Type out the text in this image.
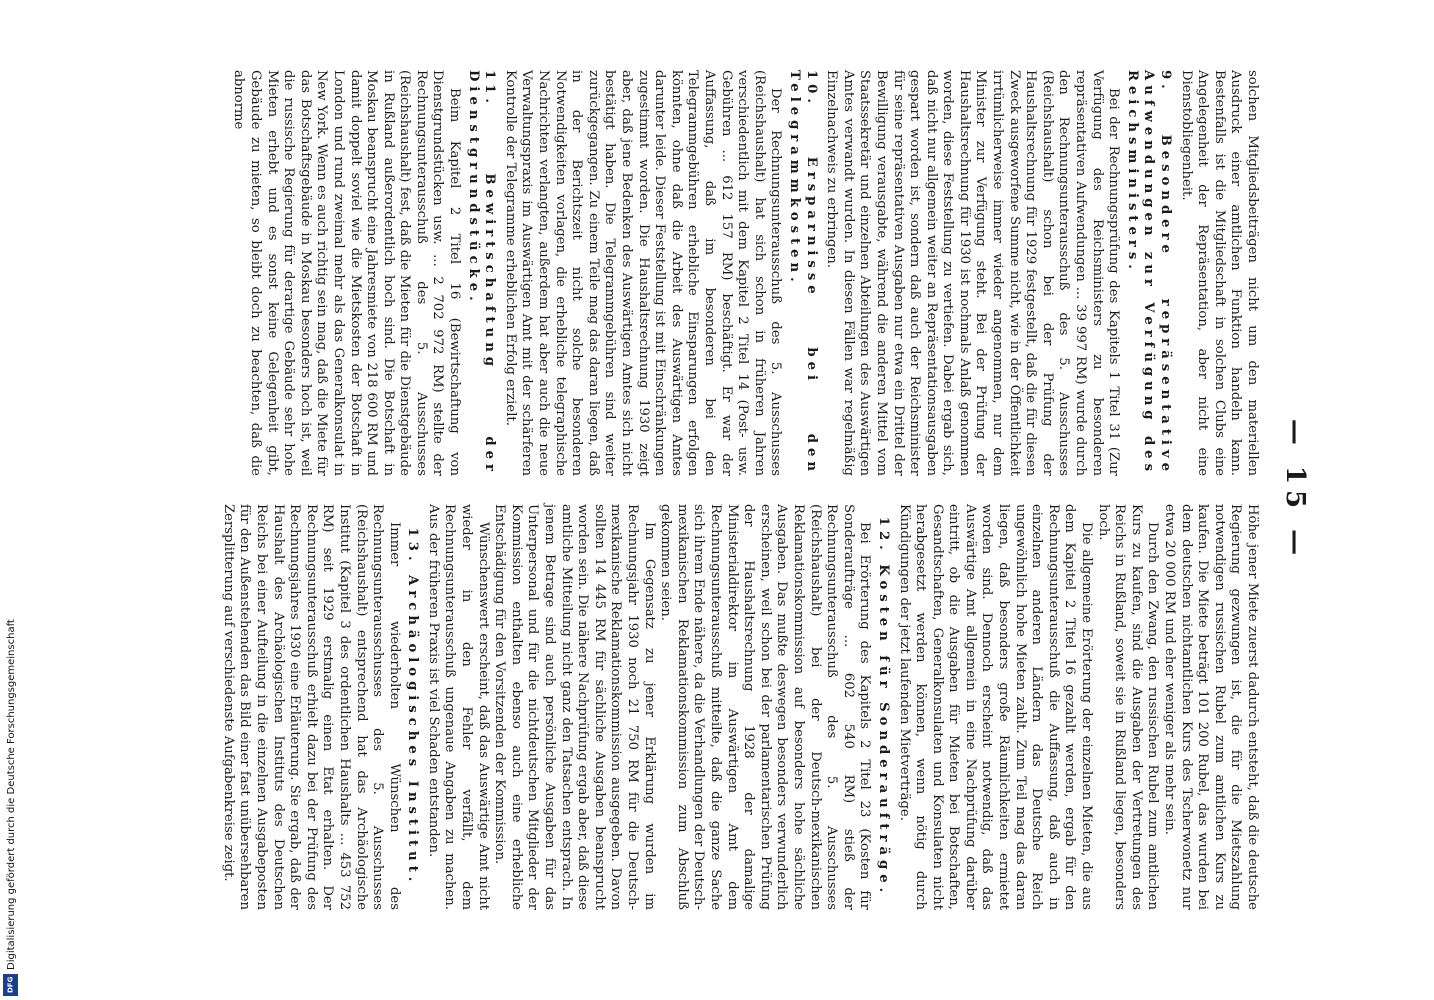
— 15 —

solchen Mitgliedsbeiträgen nicht um den materiellen Ausdruck einer amtlichen Funktion handeln kann. Bestenfalls ist die Mitgliedschaft in solchen Clubs eine Angelegenheit der Repräsentation, aber nicht eine Dienstobliegenheit.

9. Besondere repräsentative Aufwendungen zur Verfügung des Reichsministers.

Bei der Rechnungsprüfung des Kapitels 1 Titel 31 (Zur Verfügung des Reichsministers zu besonderen repräsentativen Aufwendungen ... 39 997 RM) wurde durch den Rechnungsunterausschuß des 5. Ausschusses (Reichshaushalt) schon bei der Prüfung der Haushaltsrechnung für 1929 festgestellt, daß die für diesen Zweck ausgeworfene Summe nicht, wie in der Öffentlichkeit irrtümlicherweise immer wieder angenommen, nur dem Minister zur Verfügung steht. Bei der Prüfung der Haushaltsrechnung für 1930 ist nochmals Anlaß genommen worden, diese Feststellung zu vertiefen. Dabei ergab sich, daß nicht nur allgemein weiter an Repräsentationsausgaben gespart worden ist, sondern daß auch der Reichsminister für seine repräsentativen Ausgaben nur etwa ein Drittel der Bewilligung verausgabte, während die anderen Mittel vom Staatssekretär und einzelnen Abteilungen des Auswärtigen Amtes verwandt wurden. In diesen Fällen war regelmäßig Einzelnachweis zu erbringen.

10. Ersparnisse bei den Telegrammkosten.

Der Rechnungsunterausschuß des 5. Ausschusses (Reichshaushalt) hat sich schon in früheren Jahren verschiedentlich mit dem Kapitel 2 Titel 14 (Post- usw. Gebühren ... 612 157 RM) beschäftigt. Er war der Auffassung, daß im besonderen bei den Telegrammgebühren erhebliche Einsparungen erfolgen könnten, ohne daß die Arbeit des Auswärtigen Amtes darunter leide. Dieser Feststellung ist mit Einschränkungen zugestimmt worden. Die Haushaltsrechnung 1930 zeigt aber, daß jene Bedenken des Auswärtigen Amtes sich nicht bestätigt haben. Die Telegrammgebühren sind weiter zurückgegangen. Zu einem Teile mag das daran liegen, daß in der Berichtszeit nicht solche besonderen Notwendigkeiten vorlagen, die erhebliche telegraphische Nachrichten verlangten, außerdem hat aber auch die neue Verwaltungspraxis im Auswärtigen Amt mit der schärferen Kontrolle der Telegramme erheblichen Erfolg erzielt.

11. Bewirtschaftung der Dienstgrundstücke.

Beim Kapitel 2 Titel 16 (Bewirtschaftung von Dienstgrundstücken usw. ... 2 702 972 RM) stellte der Rechnungsunterausschuß des 5. Ausschusses (Reichshaushalt) fest, daß die Mieten für die Dienstgebäude in Rußland außerordentlich hoch sind. Die Botschaft in Moskau beansprucht eine Jahresmiete von 218 600 RM und damit doppelt soviel wie die Mietskosten der Botschaft in London und rund zweimal mehr als das Generalkonsulat in New York. Wenn es auch richtig sein mag, daß die Miete für das Botschaftsgebäude in Moskau besonders hoch ist, weil die russische Regierung für derartige Gebäude sehr hohe Mieten erhebt und es sonst keine Gelegenheit gibt, Gebäude zu mieten, so bleibt doch zu beachten, daß die abnorme

Höhe jener Miete zuerst dadurch entsteht, daß die deutsche Regierung gezwungen ist, die für die Mietszahlung notwendigen russischen Rubel zum amtlichen Kurs zu kaufen. Die Miete beträgt 101 200 Rubel, das wurden bei dem deutschen nichtamtlichen Kurs des Tscherwonetz nur etwa 20 000 RM und eher weniger als mehr sein.

Durch den Zwang, den russischen Rubel zum amtlichen Kurs zu kaufen, sind die Ausgaben der Vertretungen des Reichs in Rußland, soweit sie in Rußland liegen, besonders hoch.

Die allgemeine Erörterung der einzelnen Mieten, die aus dem Kapitel 2 Titel 16 gezahlt werden, ergab für den Rechnungsunterausschuß die Auffassung, daß auch in einzelnen anderen Ländern das Deutsche Reich ungewöhnlich hohe Mieten zahlt. Zum Teil mag das daran liegen, daß besonders große Räumlichkeiten ermietet worden sind. Dennoch erscheint notwendig, daß das Auswärtige Amt allgemein in eine Nachprüfung darüber eintritt, ob die Ausgaben für Mieten bei Botschaften, Gesandtschaften, Generalkonsulaten und Konsulaten nicht herabgesetzt werden können, wenn nötig durch Kündigungen der jetzt laufenden Mietverträge.

12. Kosten für Sonderaufträge.

Bei Erörterung des Kapitels 2 Titel 23 (Kosten für Sonderaufträge ... 602 540 RM) stieß der Rechnungsunterausschuß des 5. Ausschusses (Reichshaushalt) bei der Deutsch-mexikanischen Reklamationskommission auf besonders hohe sächliche Ausgaben. Das mußte deswegen besonders verwunderlich erscheinen, weil schon bei der parlamentarischen Prüfung der Haushaltsrechnung 1928 der damalige Ministerialdirektor im Auswärtigen Amt dem Rechnungsunterausschuß mitteilte, daß die ganze Sache sich ihrem Ende nähere, da die Verhandlungen der Deutsch-mexikanischen Reklamationskommission zum Abschluß gekommen seien.

Im Gegensatz zu jener Erklärung wurden im Rechnungsjahr 1930 noch 21 750 RM für die Deutsch-mexikanische Reklamationskommission ausgegeben. Davon sollten 14 445 RM für sächliche Ausgaben beansprucht worden sein. Die nähere Nachprüfung ergab aber, daß diese amtliche Mitteilung nicht ganz den Tatsachen entsprach. In jenem Betrage sind auch persönliche Ausgaben für das Unterpersonal und für die nichtdeutschen Mitglieder der Kommission enthalten ebenso auch eine erhebliche Entschädigung für den Vorsitzenden der Kommission.

Wünschenswert erscheint, daß das Auswärtige Amt nicht wieder in den Fehler verfällt, dem Rechnungsunterausschuß ungenaue Angaben zu machen. Aus der früheren Praxis ist viel Schaden entstanden.

13. Archäologisches Institut.

Immer wiederholten Wünschen des Rechnungsunterausschusses des 5. Ausschusses (Reichshaushalt) entsprechend hat das Archäologische Institut (Kapitel 3 des ordentlichen Haushalts ... 453 752 RM) seit 1929 erstmalig einen Etat erhalten. Der Rechnungsunterausschuß erhielt dazu bei der Prüfung des Rechnungsjahres 1930 eine Erläuterung. Sie ergab, daß der Haushalt des Archäologischen Instituts des Deutschen Reichs bei einer Aufteilung in die einzelnen Ausgabeposten für den Außenstehenden das Bild einer fast unübersehbaren Zersplitterung auf verschiedenste Aufgabenkreise zeigt.

Digitalisierung gefördert durch die Deutsche Forschungsgemeinschaft
DFG
